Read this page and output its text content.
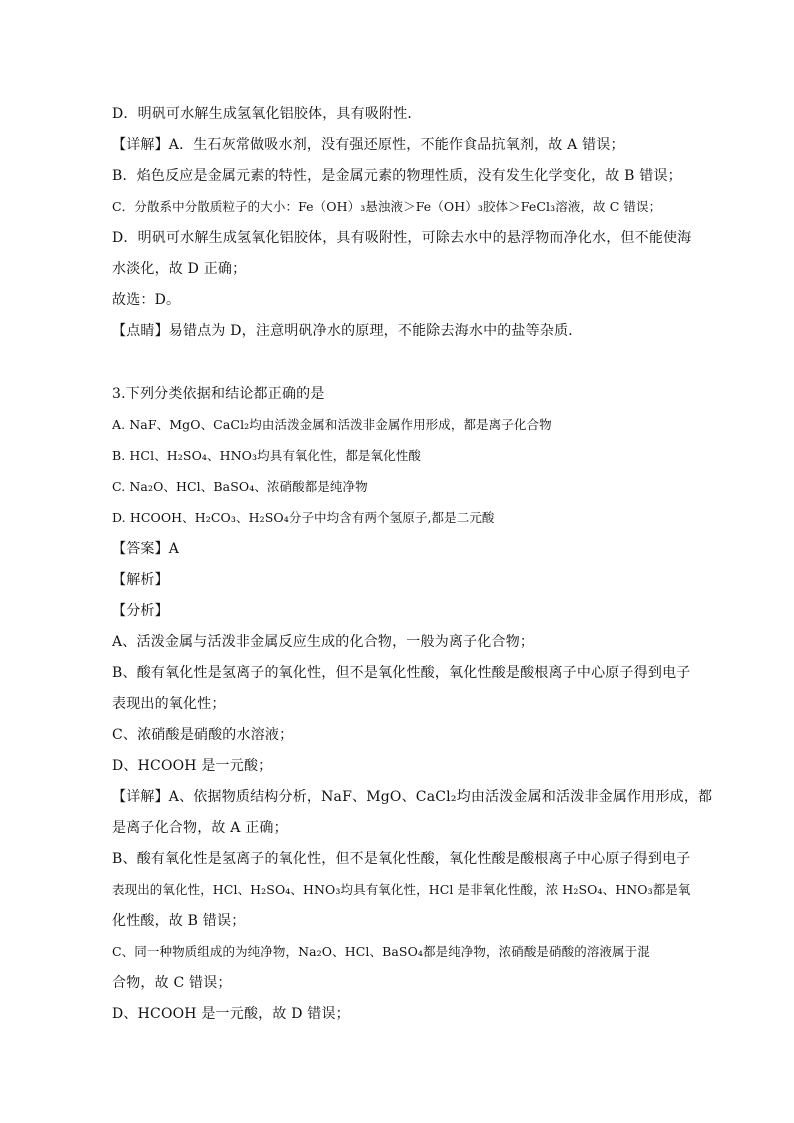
D．明矾可水解生成氢氧化铝胶体，具有吸附性．
【详解】A．生石灰常做吸水剂，没有强还原性，不能作食品抗氧剂，故 A 错误；
B．焰色反应是金属元素的特性，是金属元素的物理性质，没有发生化学变化，故 B 错误；
C．分散系中分散质粒子的大小：Fe（OH）₃悬浊液＞Fe（OH）₃胶体＞FeCl₃溶液，故 C 错误；
D．明矾可水解生成氢氧化铝胶体，具有吸附性，可除去水中的悬浮物而净化水，但不能使海
水淡化，故 D 正确；
故选：D。
【点睛】易错点为 D，注意明矾净水的原理，不能除去海水中的盐等杂质．
3.下列分类依据和结论都正确的是
A. NaF、MgO、CaCl₂均由活泼金属和活泼非金属作用形成，都是离子化合物
B. HCl、H₂SO₄、HNO₃均具有氧化性，都是氧化性酸
C. Na₂O、HCl、BaSO₄、浓硝酸都是纯净物
D. HCOOH、H₂CO₃、H₂SO₄分子中均含有两个氢原子,都是二元酸
【答案】A
【解析】
【分析】
A、活泼金属与活泼非金属反应生成的化合物，一般为离子化合物；
B、酸有氧化性是氢离子的氧化性，但不是氧化性酸，氧化性酸是酸根离子中心原子得到电子
表现出的氧化性；
C、浓硝酸是硝酸的水溶液；
D、HCOOH 是一元酸；
【详解】A、依据物质结构分析，NaF、MgO、CaCl₂均由活泼金属和活泼非金属作用形成，都
是离子化合物，故 A 正确；
B、酸有氧化性是氢离子的氧化性，但不是氧化性酸，氧化性酸是酸根离子中心原子得到电子
表现出的氧化性，HCl、H₂SO₄、HNO₃均具有氧化性，HCl 是非氧化性酸，浓 H₂SO₄、HNO₃都是氧
化性酸，故 B 错误；
C、同一种物质组成的为纯净物，Na₂O、HCl、BaSO₄都是纯净物，浓硝酸是硝酸的溶液属于混
合物，故 C 错误；
D、HCOOH 是一元酸，故 D 错误；
